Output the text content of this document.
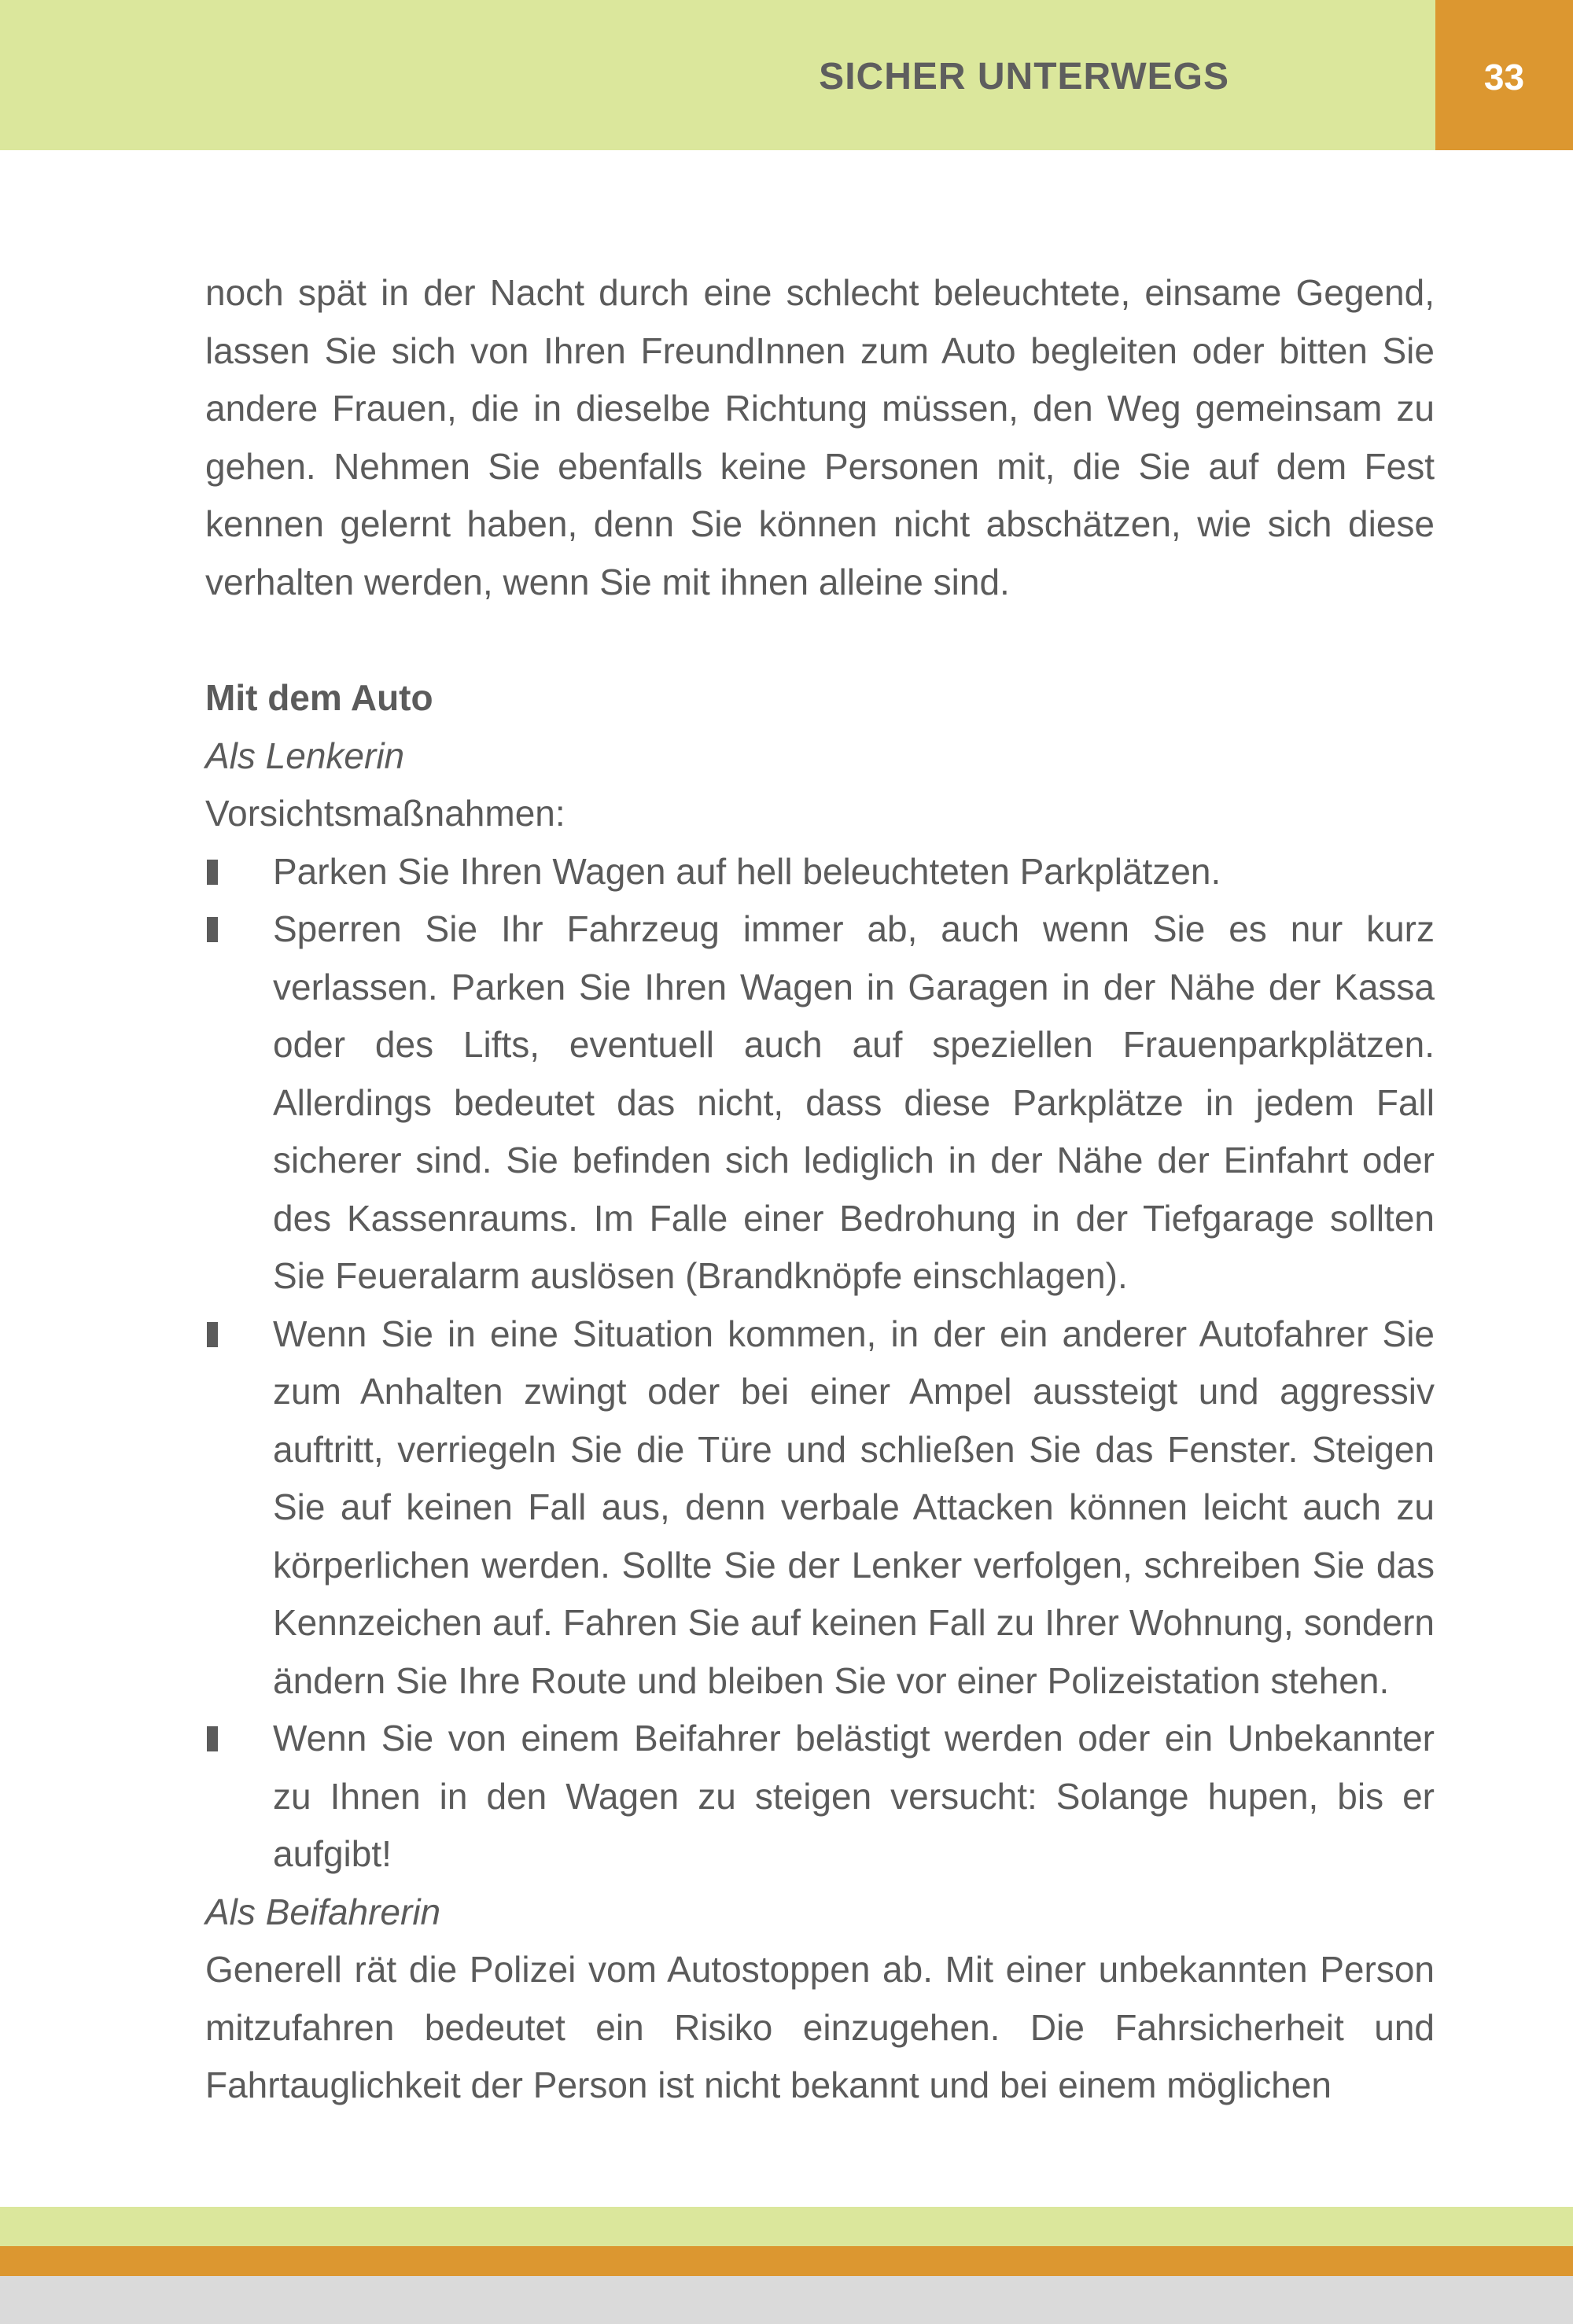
SICHER UNTERWEGS	33

noch spät in der Nacht durch eine schlecht beleuchtete, einsame Gegend, lassen Sie sich von Ihren FreundInnen zum Auto begleiten oder bitten Sie andere Frauen, die in dieselbe Richtung müssen, den Weg gemeinsam zu gehen. Nehmen Sie ebenfalls keine Personen mit, die Sie auf dem Fest kennen gelernt haben, denn Sie können nicht abschätzen, wie sich diese verhalten werden, wenn Sie mit ihnen alleine sind.

Mit dem Auto

Als Lenkerin

Vorsichtsmaßnahmen:

Parken Sie Ihren Wagen auf hell beleuchteten Parkplätzen.
Sperren Sie Ihr Fahrzeug immer ab, auch wenn Sie es nur kurz verlassen. Parken Sie Ihren Wagen in Garagen in der Nähe der Kassa oder des Lifts, eventuell auch auf speziellen Frauenparkplätzen. Allerdings bedeutet das nicht, dass diese Parkplätze in jedem Fall sicherer sind. Sie befinden sich lediglich in der Nähe der Einfahrt oder des Kassenraums. Im Falle einer Bedrohung in der Tiefgarage sollten Sie Feueralarm auslösen (Brandknöpfe einschlagen).
Wenn Sie in eine Situation kommen, in der ein anderer Autofahrer Sie zum Anhalten zwingt oder bei einer Ampel aussteigt und aggressiv auftritt, verriegeln Sie die Türe und schließen Sie das Fenster. Steigen Sie auf keinen Fall aus, denn verbale Attacken können leicht auch zu körperlichen werden. Sollte Sie der Lenker verfolgen, schreiben Sie das Kennzeichen auf. Fahren Sie auf keinen Fall zu Ihrer Wohnung, sondern ändern Sie Ihre Route und bleiben Sie vor einer Polizeistation stehen.
Wenn Sie von einem Beifahrer belästigt werden oder ein Unbekannter zu Ihnen in den Wagen zu steigen versucht: Solange hupen, bis er aufgibt!

Als Beifahrerin

Generell rät die Polizei vom Autostoppen ab. Mit einer unbekannten Person mitzufahren bedeutet ein Risiko einzugehen. Die Fahrsicherheit und Fahrtauglichkeit der Person ist nicht bekannt und bei einem möglichen
